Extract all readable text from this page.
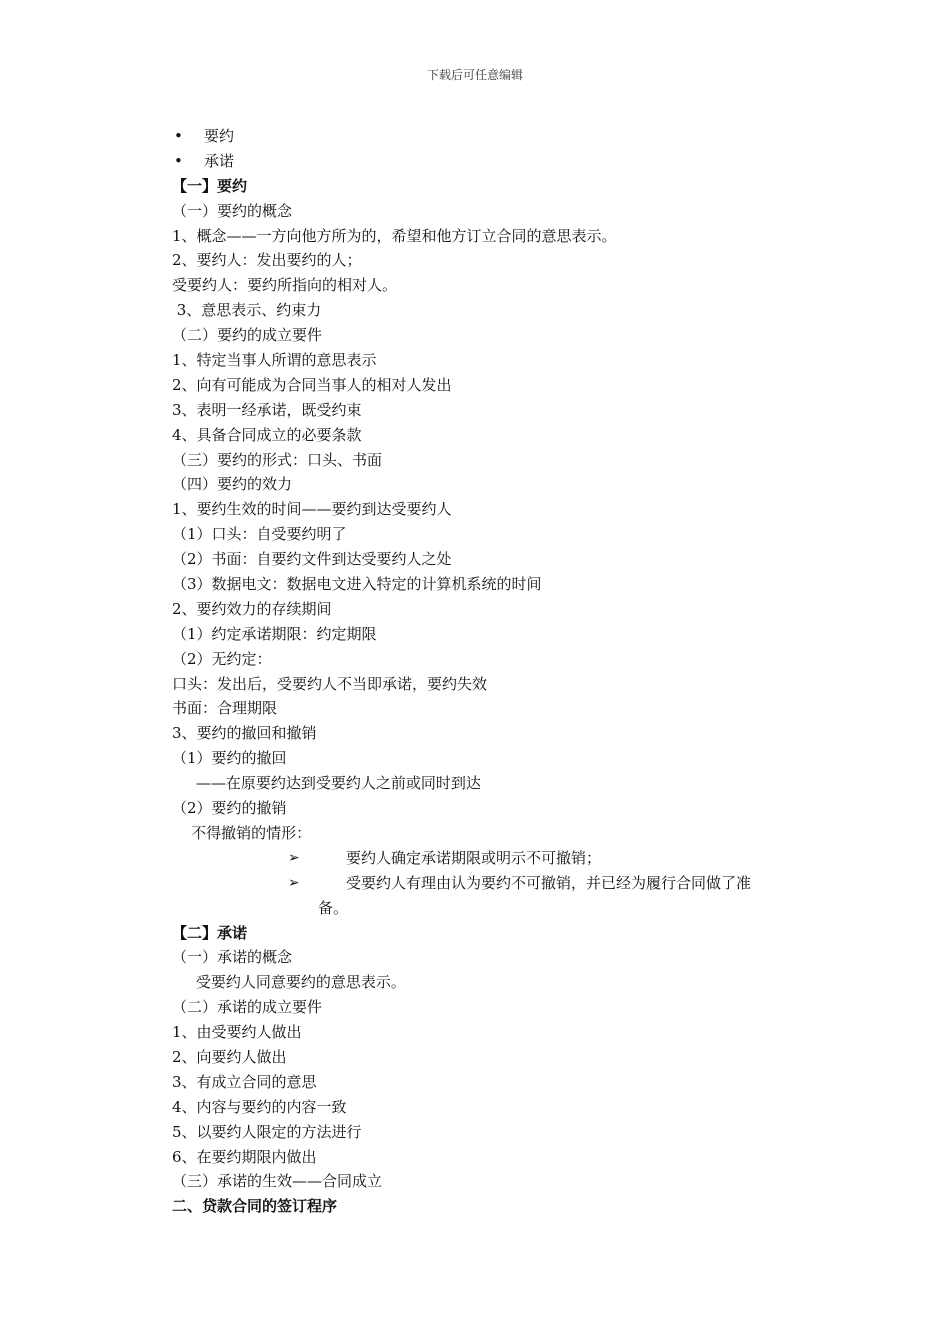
下载后可任意编辑
• 要约
• 承诺
【一】要约
（一）要约的概念
1、概念——一方向他方所为的，希望和他方订立合同的意思表示。
2、要约人：发出要约的人；
受要约人：要约所指向的相对人。
3、意思表示、约束力
（二）要约的成立要件
1、特定当事人所谓的意思表示
2、向有可能成为合同当事人的相对人发出
3、表明一经承诺，既受约束
4、具备合同成立的必要条款
（三）要约的形式：口头、书面
（四）要约的效力
1、要约生效的时间——要约到达受要约人
（1）口头：自受要约明了
（2）书面：自要约文件到达受要约人之处
（3）数据电文：数据电文进入特定的计算机系统的时间
2、要约效力的存续期间
（1）约定承诺期限：约定期限
（2）无约定：
口头：发出后，受要约人不当即承诺，要约失效
书面：合理期限
3、要约的撤回和撤销
（1）要约的撤回
——在原要约达到受要约人之前或同时到达
（2）要约的撤销
不得撤销的情形：
➢	要约人确定承诺期限或明示不可撤销；
➢	受要约人有理由认为要约不可撤销，并已经为履行合同做了准
备。
【二】承诺
（一）承诺的概念
受要约人同意要约的意思表示。
（二）承诺的成立要件
1、由受要约人做出
2、向要约人做出
3、有成立合同的意思
4、内容与要约的内容一致
5、以要约人限定的方法进行
6、在要约期限内做出
（三）承诺的生效——合同成立
二、贷款合同的签订程序
